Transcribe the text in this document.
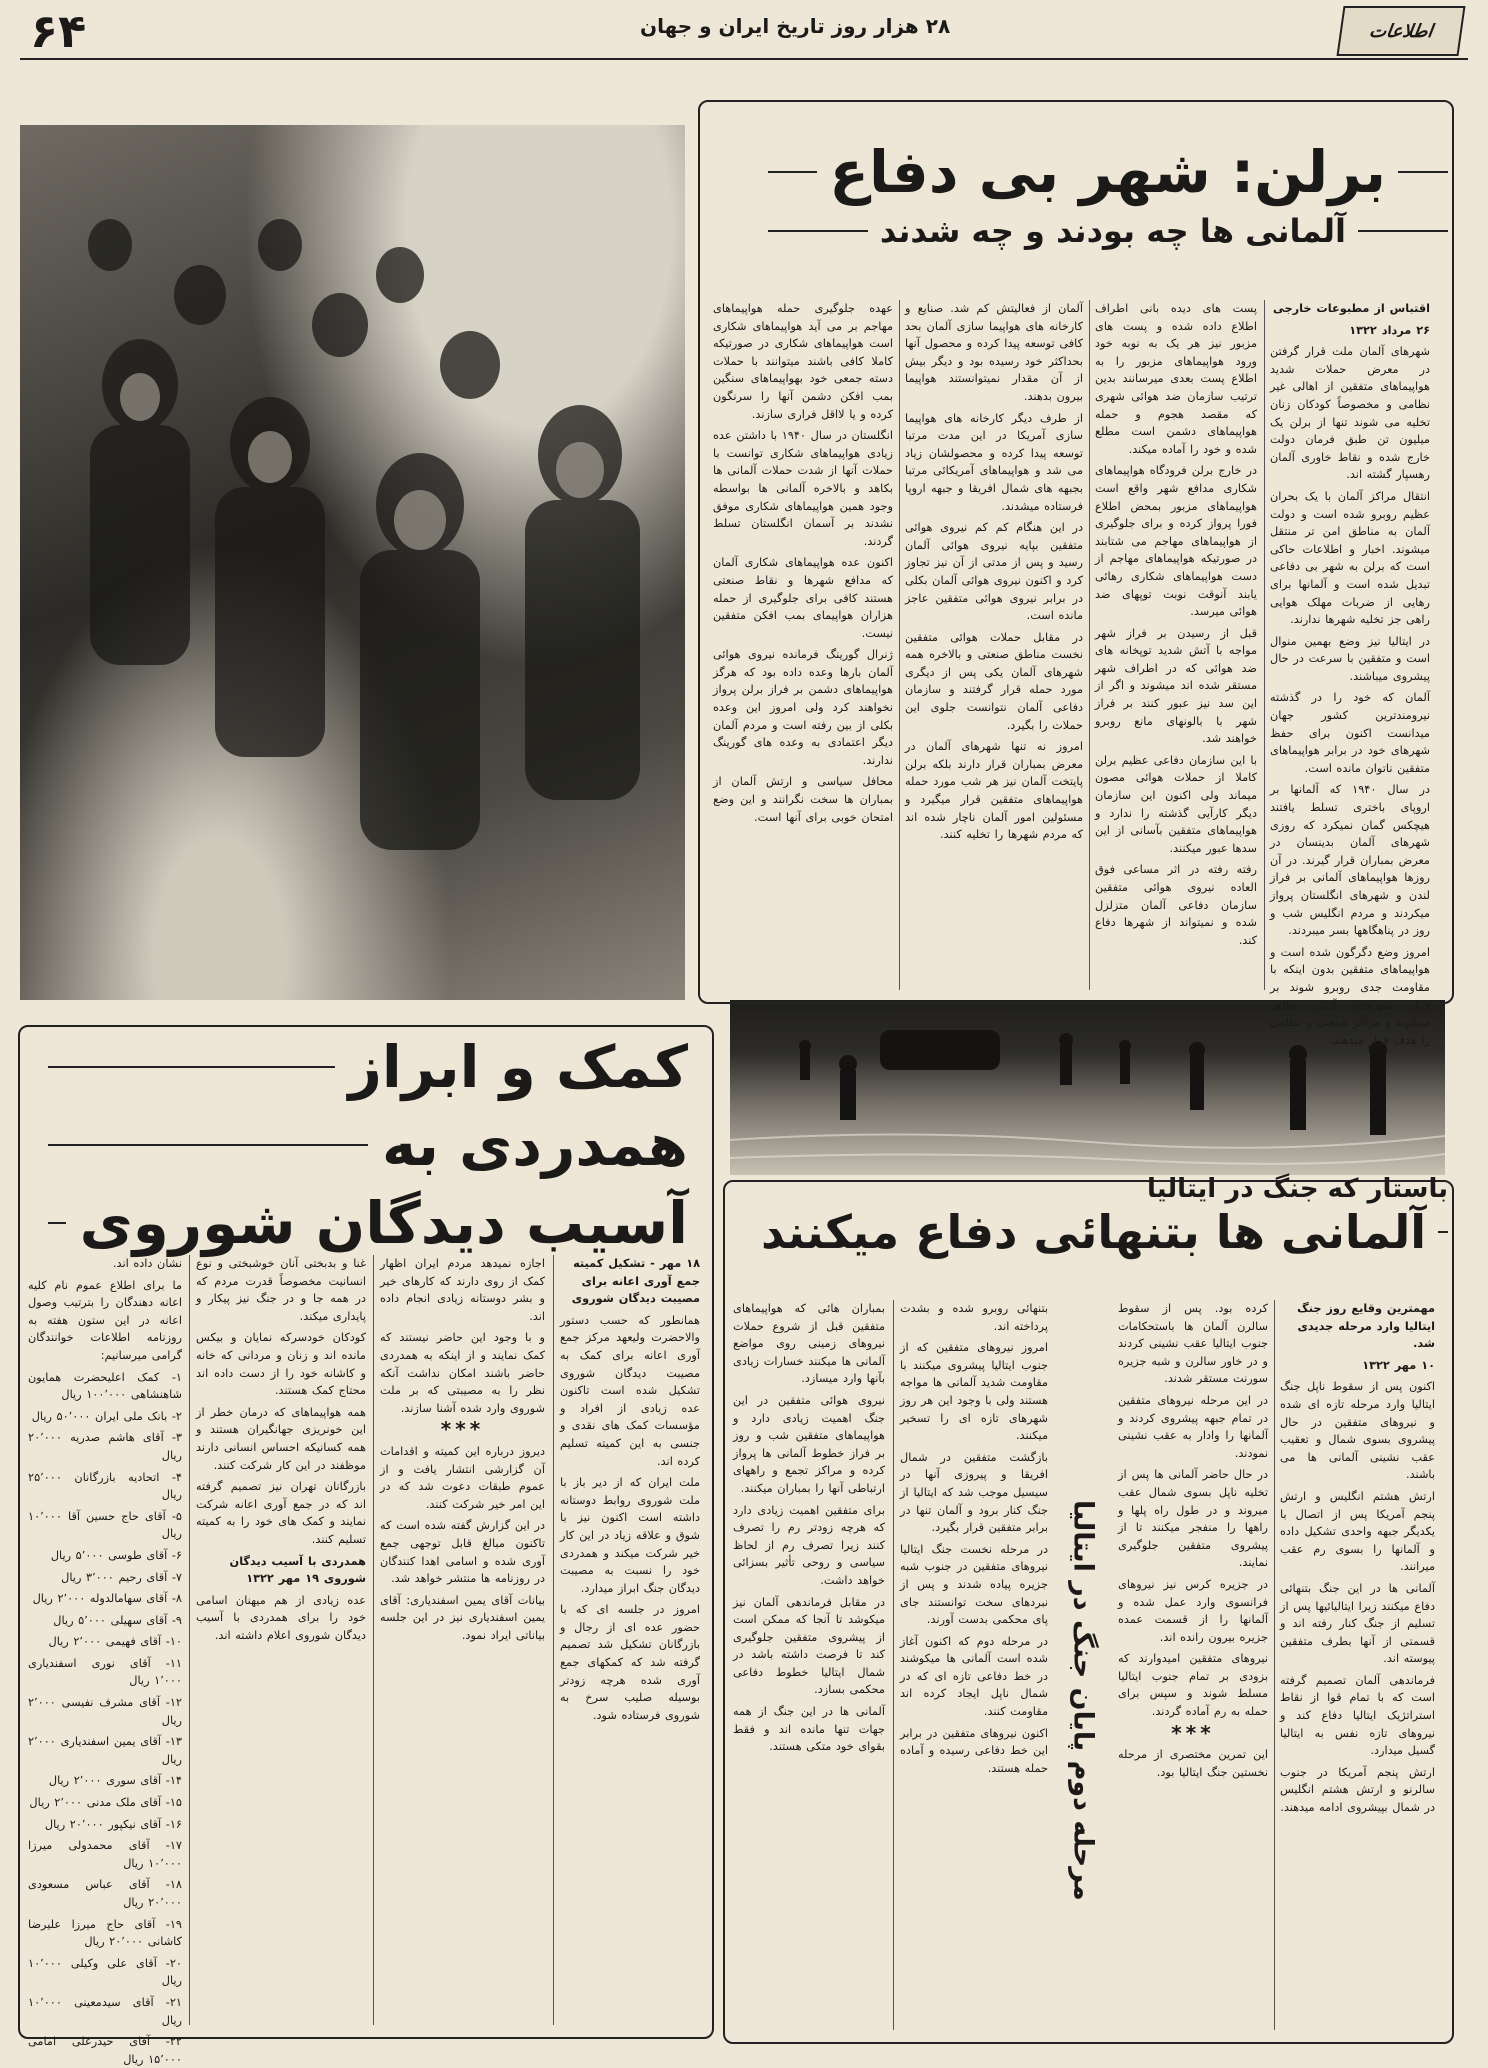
۶۴	۲۸ هزار روز تاریخ ایران و جهان	اطلاعات
برلن: شهر بی دفاع
آلمانی ها چه بودند و چه شدند

اقتباس از مطبوعات خارجی

۲۶ مرداد ۱۳۲۲

شهرهای آلمان ملت قرار گرفتن در معرض حملات شدید هواپیماهای متفقین از اهالی غیر نظامی و مخصوصاً کودکان زنان تخلیه می شوند تنها از برلن یک میلیون تن طبق فرمان دولت خارج شده و نقاط خاوری آلمان رهسپار گشته اند.

انتقال مراکز آلمان با یک بحران عظیم روبرو شده است و دولت آلمان به مناطق امن تر منتقل میشوند. اخبار و اطلاعات حاکی است که برلن به شهر بی دفاعی تبدیل شده است و آلمانها برای رهایی از ضربات مهلک هوایی راهی جز تخلیه شهرها ندارند.

در ایتالیا نیز وضع بهمین منوال است و متفقین با سرعت در حال پیشروی میباشند.

آلمان که خود را در گذشته نیرومندترین کشور جهان میدانست اکنون برای حفظ شهرهای خود در برابر هواپیماهای متفقین ناتوان مانده است.

در سال ۱۹۴۰ که آلمانها بر اروپای باختری تسلط یافتند هیچکس گمان نمیکرد که روزی شهرهای آلمان بدینسان در معرض بمباران قرار گیرند. در آن روزها هواپیماهای آلمانی بر فراز لندن و شهرهای انگلستان پرواز میکردند و مردم انگلیس شب و روز در پناهگاهها بسر میبردند.

امروز وضع دگرگون شده است و هواپیماهای متفقین بدون اینکه با مقاومت جدی روبرو شوند بر فراز شهرهای آلمان ظاهر میشوند و مراکز صنعتی و نظامی را هدف قرار میدهند.

پست های دیده بانی اطراف اطلاع داده شده و پست های مزبور نیز هر یک به نوبه خود ورود هواپیماهای مزبور را به اطلاع پست بعدی میرسانند بدین ترتیب سازمان ضد هوائی شهری که مقصد هجوم و حمله هواپیماهای دشمن است مطلع شده و خود را آماده میکند.

در خارج برلن فرودگاه هواپیماهای شکاری مدافع شهر واقع است هواپیماهای مزبور بمحض اطلاع فورا پرواز کرده و برای جلوگیری از هواپیماهای مهاجم می شتابند در صورتیکه هواپیماهای مهاجم از دست هواپیماهای شکاری رهائی یابند آنوقت نوبت توپهای ضد هوائی میرسد.

قبل از رسیدن بر فراز شهر مواجه با آتش شدید توپخانه های ضد هوائی که در اطراف شهر مستقر شده اند میشوند و اگر از این سد نیز عبور کنند بر فراز شهر با بالونهای مانع روبرو خواهند شد.

با این سازمان دفاعی عظیم برلن کاملا از حملات هوائی مصون میماند ولی اکنون این سازمان دیگر کارآیی گذشته را ندارد و هواپیماهای متفقین بآسانی از این سدها عبور میکنند.

رفته رفته در اثر مساعی فوق العاده نیروی هوائی متفقین سازمان دفاعی آلمان متزلزل شده و نمیتواند از شهرها دفاع کند.

آلمان از فعالیتش کم شد. صنایع و کارخانه های هواپیما سازی آلمان بحد کافی توسعه پیدا کرده و محصول آنها بحداکثر خود رسیده بود و دیگر بیش از آن مقدار نمیتوانستند هواپیما بیرون بدهند.

از طرف دیگر کارخانه های هواپیما سازی آمریکا در این مدت مرتبا توسعه پیدا کرده و محصولشان زیاد می شد و هواپیماهای آمریکائی مرتبا بجبهه های شمال افریقا و جبهه اروپا فرستاده میشدند.

در این هنگام کم کم نیروی هوائی متفقین بپایه نیروی هوائی آلمان رسید و پس از مدتی از آن نیز تجاوز کرد و اکنون نیروی هوائی آلمان بکلی در برابر نیروی هوائی متفقین عاجز مانده است.

در مقابل حملات هوائی متفقین نخست مناطق صنعتی و بالاخره همه شهرهای آلمان یکی پس از دیگری مورد حمله قرار گرفتند و سازمان دفاعی آلمان نتوانست جلوی این حملات را بگیرد.

امروز نه تنها شهرهای آلمان در معرض بمباران قرار دارند بلکه برلن پایتخت آلمان نیز هر شب مورد حمله هواپیماهای متفقین قرار میگیرد و مسئولین امور آلمان ناچار شده اند که مردم شهرها را تخلیه کنند.

عهده جلوگیری حمله هواپیماهای مهاجم بر می آید هواپیماهای شکاری است هواپیماهای شکاری در صورتیکه کاملا کافی باشند میتوانند با حملات دسته جمعی خود بهواپیماهای سنگین بمب افکن دشمن آنها را سرنگون کرده و یا لااقل فراری سازند.

انگلستان در سال ۱۹۴۰ با داشتن عده زیادی هواپیماهای شکاری توانست با حملات آنها از شدت حملات آلمانی ها بکاهد و بالاخره آلمانی ها بواسطه وجود همین هواپیماهای شکاری موفق نشدند بر آسمان انگلستان تسلط گردند.

اکنون عده هواپیماهای شکاری آلمان که مدافع شهرها و نقاط صنعتی هستند کافی برای جلوگیری از حمله هزاران هواپیمای بمب افکن متفقین نیست.

ژنرال گورینگ فرمانده نیروی هوائی آلمان بارها وعده داده بود که هرگز هواپیماهای دشمن بر فراز برلن پرواز نخواهند کرد ولی امروز این وعده بکلی از بین رفته است و مردم آلمان دیگر اعتمادی به وعده های گورینگ ندارند.

محافل سیاسی و ارتش آلمان از بمباران ها سخت نگرانند و این وضع امتحان خوبی برای آنها است.

باستار که جنگ در ایتالیا
آلمانی ها بتنهائی دفاع میکنند

مهمترین وقایع روز جنگ ایتالیا وارد مرحله جدیدی شد.

۱۰ مهر ۱۳۲۲

اکنون پس از سقوط ناپل جنگ ایتالیا وارد مرحله تازه ای شده و نیروهای متفقین در حال پیشروی بسوی شمال و تعقیب عقب نشینی آلمانی ها می باشند.

ارتش هشتم انگلیس و ارتش پنجم آمریکا پس از اتصال با یکدیگر جبهه واحدی تشکیل داده و آلمانها را بسوی رم عقب میرانند.

آلمانی ها در این جنگ بتنهائی دفاع میکنند زیرا ایتالیائیها پس از تسلیم از جنگ کنار رفته اند و قسمتی از آنها بطرف متفقین پیوسته اند.

فرماندهی آلمان تصمیم گرفته است که با تمام قوا از نقاط استراتژیک ایتالیا دفاع کند و نیروهای تازه نفس به ایتالیا گسیل میدارد.

ارتش پنجم آمریکا در جنوب سالرنو و ارتش هشتم انگلیس در شمال بپیشروی ادامه میدهند.

کرده بود. پس از سقوط سالرن آلمان ها باستحکامات جنوب ایتالیا عقب نشینی کردند و در خاور سالرن و شبه جزیره سورنت مستقر شدند.

در این مرحله نیروهای متفقین در تمام جبهه پیشروی کردند و آلمانها را وادار به عقب نشینی نمودند.

در حال حاضر آلمانی ها پس از تخلیه ناپل بسوی شمال عقب میروند و در طول راه پلها و راهها را منفجر میکنند تا از پیشروی متفقین جلوگیری نمایند.

در جزیره کرس نیز نیروهای فرانسوی وارد عمل شده و آلمانها را از قسمت عمده جزیره بیرون رانده اند.

نیروهای متفقین امیدوارند که بزودی بر تمام جنوب ایتالیا مسلط شوند و سپس برای حمله به رم آماده گردند.

***

این تمرین مختصری از مرحله نخستین جنگ ایتالیا بود.

مرحله دوم پایان جنگ در ایتالیا

بتنهائی روبرو شده و بشدت پرداخته اند.

امروز نیروهای متفقین که از جنوب ایتالیا پیشروی میکنند با مقاومت شدید آلمانی ها مواجه هستند ولی با وجود این هر روز شهرهای تازه ای را تسخیر میکنند.

بازگشت متفقین در شمال افریقا و پیروزی آنها در سیسیل موجب شد که ایتالیا از جنگ کنار برود و آلمان تنها در برابر متفقین قرار بگیرد.

در مرحله نخست جنگ ایتالیا نیروهای متفقین در جنوب شبه جزیره پیاده شدند و پس از نبردهای سخت توانستند جای پای محکمی بدست آورند.

در مرحله دوم که اکنون آغاز شده است آلمانی ها میکوشند در خط دفاعی تازه ای که در شمال ناپل ایجاد کرده اند مقاومت کنند.

اکنون نیروهای متفقین در برابر این خط دفاعی رسیده و آماده حمله هستند.

بمباران هائی که هواپیماهای متفقین قبل از شروع حملات نیروهای زمینی روی مواضع آلمانی ها میکنند خسارات زیادی بآنها وارد میسازد.

نیروی هوائی متفقین در این جنگ اهمیت زیادی دارد و هواپیماهای متفقین شب و روز بر فراز خطوط آلمانی ها پرواز کرده و مراکز تجمع و راههای ارتباطی آنها را بمباران میکنند.

برای متفقین اهمیت زیادی دارد که هرچه زودتر رم را تصرف کنند زیرا تصرف رم از لحاظ سیاسی و روحی تأثیر بسزائی خواهد داشت.

در مقابل فرماندهی آلمان نیز میکوشد تا آنجا که ممکن است از پیشروی متفقین جلوگیری کند تا فرصت داشته باشد در شمال ایتالیا خطوط دفاعی محکمی بسازد.

آلمانی ها در این جنگ از همه جهات تنها مانده اند و فقط بقوای خود متکی هستند.

کمک و ابراز
همدردی به
آسیب دیدگان شوروی

۱۸ مهر - تشکیل کمیته جمع آوری اعانه برای مصیبت دیدگان شوروی

همانطور که حسب دستور والاحضرت ولیعهد مرکز جمع آوری اعانه برای کمک به مصیبت دیدگان شوروی تشکیل شده است تاکنون عده زیادی از افراد و مؤسسات کمک های نقدی و جنسی به این کمیته تسلیم کرده اند.

ملت ایران که از دیر باز با ملت شوروی روابط دوستانه داشته است اکنون نیز با شوق و علاقه زیاد در این کار خیر شرکت میکند و همدردی خود را نسبت به مصیبت دیدگان جنگ ابراز میدارد.

امروز در جلسه ای که با حضور عده ای از رجال و بازرگانان تشکیل شد تصمیم گرفته شد که کمکهای جمع آوری شده هرچه زودتر بوسیله صلیب سرخ به شوروی فرستاده شود.

اجازه نمیدهد مردم ایران اظهار کمک از روی دارند که کارهای خیر و بشر دوستانه زیادی انجام داده اند.

و با وجود این حاضر نیستند که کمک نمایند و از اینکه به همدردی حاضر باشند امکان نداشت آنکه نظر را به مصیبتی که بر ملت شوروی وارد شده آشنا سازند.

***

دیروز درباره این کمیته و اقدامات آن گزارشی انتشار یافت و از عموم طبقات دعوت شد که در این امر خیر شرکت کنند.

در این گزارش گفته شده است که تاکنون مبالغ قابل توجهی جمع آوری شده و اسامی اهدا کنندگان در روزنامه ها منتشر خواهد شد.

بیانات آقای یمین اسفندیاری: آقای یمین اسفندیاری نیز در این جلسه بیاناتی ایراد نمود.

غنا و بدبختی آنان خوشبختی و نوع انسانیت مخصوصاً قدرت مردم که در همه جا و در جنگ نیز پیکار و پایداری میکند.

کودکان خودسرکه نمایان و بیکس مانده اند و زنان و مردانی که خانه و کاشانه خود را از دست داده اند محتاج کمک هستند.

همه هواپیماهای که درمان خطر از این خونریزی جهانگیران هستند و همه کسانیکه احساس انسانی دارند موظفند در این کار شرکت کنند.

بازرگانان تهران نیز تصمیم گرفته اند که در جمع آوری اعانه شرکت نمایند و کمک های خود را به کمیته تسلیم کنند.

همدردی با آسیب دیدگان شوروی ۱۹ مهر ۱۳۲۲

عده زیادی از هم میهنان اسامی خود را برای همدردی با آسیب دیدگان شوروی اعلام داشته اند.

نشان داده اند.

ما برای اطلاع عموم نام کلیه اعانه دهندگان را بترتیب وصول اعانه در این ستون هفته به روزنامه اطلاعات خوانندگان گرامی میرسانیم:

۱- کمک اعلیحضرت همایون شاهنشاهی ۱۰۰٬۰۰۰ ریال

۲- بانک ملی ایران ۵۰٬۰۰۰ ریال

۳- آقای هاشم صدریه ۲۰٬۰۰۰ ریال

۴- اتحادیه بازرگانان ۲۵٬۰۰۰ ریال

۵- آقای حاج حسین آقا ۱۰٬۰۰۰ ریال

۶- آقای طوسی ۵٬۰۰۰ ریال

۷- آقای رحیم ۳٬۰۰۰ ریال

۸- آقای سهامالدوله ۲٬۰۰۰ ریال

۹- آقای سهیلی ۵٬۰۰۰ ریال

۱۰- آقای فهیمی ۲٬۰۰۰ ریال

۱۱- آقای نوری اسفندیاری ۱٬۰۰۰ ریال

۱۲- آقای مشرف نفیسی ۲٬۰۰۰ ریال

۱۳- آقای یمین اسفندیاری ۲٬۰۰۰ ریال

۱۴- آقای سوری ۲٬۰۰۰ ریال

۱۵- آقای ملک مدنی ۲٬۰۰۰ ریال

۱۶- آقای نیکپور ۲۰٬۰۰۰ ریال

۱۷- آقای محمدولی میرزا ۱۰٬۰۰۰ ریال

۱۸- آقای عباس مسعودی ۲۰٬۰۰۰ ریال

۱۹- آقای حاج میرزا علیرضا کاشانی ۲۰٬۰۰۰ ریال

۲۰- آقای علی وکیلی ۱۰٬۰۰۰ ریال

۲۱- آقای سیدمعینی ۱۰٬۰۰۰ ریال

۲۲- آقای حیدرعلی امامی ۱۵٬۰۰۰ ریال
